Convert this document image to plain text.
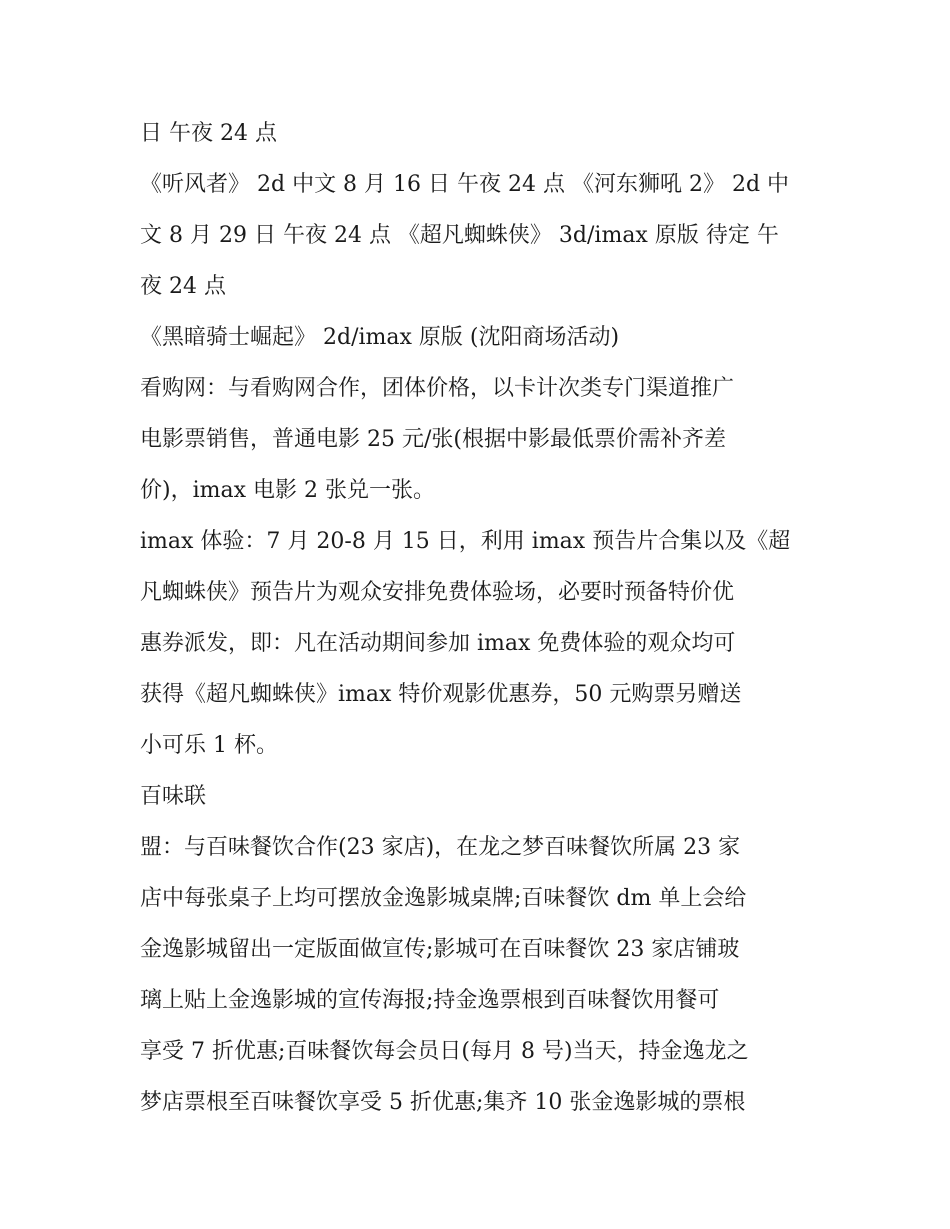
日 午夜 24 点
《听风者》 2d 中文 8 月 16 日 午夜 24 点 《河东狮吼 2》 2d 中
文 8 月 29 日 午夜 24 点 《超凡蜘蛛侠》 3d/imax 原版 待定 午
夜 24 点
《黑暗骑士崛起》 2d/imax 原版 (沈阳商场活动)
看购网：与看购网合作，团体价格，以卡计次类专门渠道推广
电影票销售，普通电影 25 元/张(根据中影最低票价需补齐差
价)，imax 电影 2 张兑一张。
imax 体验：7 月 20-8 月 15 日，利用 imax 预告片合集以及《超
凡蜘蛛侠》预告片为观众安排免费体验场，必要时预备特价优
惠券派发，即：凡在活动期间参加 imax 免费体验的观众均可
获得《超凡蜘蛛侠》imax 特价观影优惠券，50 元购票另赠送
小可乐 1 杯。
百味联
盟：与百味餐饮合作(23 家店)，在龙之梦百味餐饮所属 23 家
店中每张桌子上均可摆放金逸影城桌牌;百味餐饮 dm 单上会给
金逸影城留出一定版面做宣传;影城可在百味餐饮 23 家店铺玻
璃上贴上金逸影城的宣传海报;持金逸票根到百味餐饮用餐可
享受 7 折优惠;百味餐饮每会员日(每月 8 号)当天，持金逸龙之
梦店票根至百味餐饮享受 5 折优惠;集齐 10 张金逸影城的票根
